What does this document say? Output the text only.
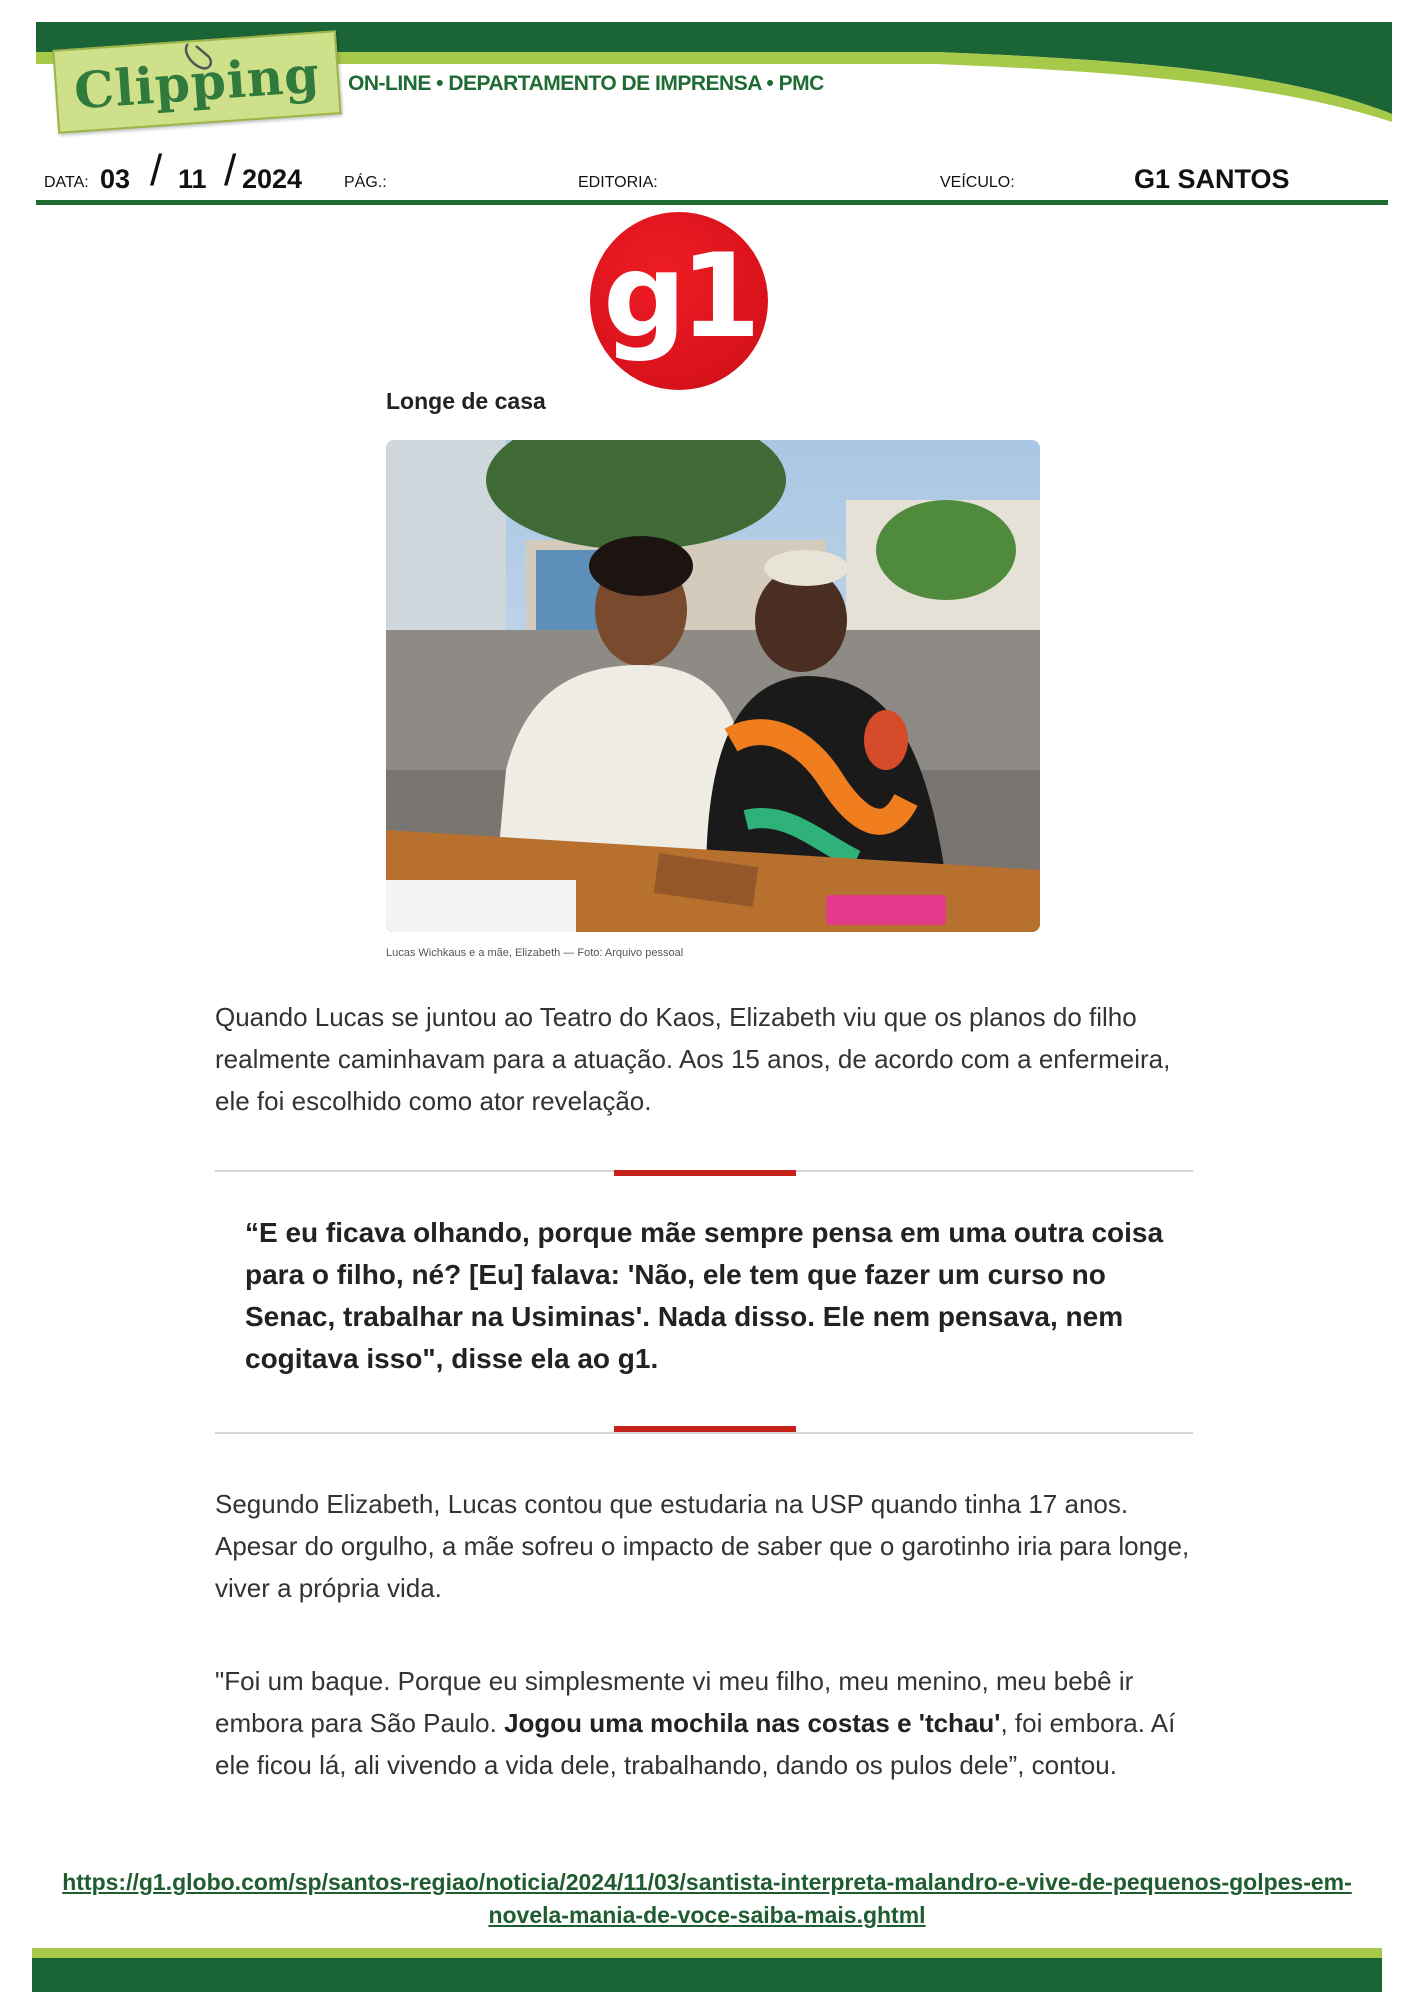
Clipping ON-LINE • DEPARTAMENTO DE IMPRENSA • PMC
DATA: 03 / 11 / 2024	PÁG.:	EDITORIA:	VEÍCULO:	G1 SANTOS
g1
Longe de casa
Lucas Wichkaus e a mãe, Elizabeth — Foto: Arquivo pessoal

Quando Lucas se juntou ao Teatro do Kaos, Elizabeth viu que os planos do filho realmente caminhavam para a atuação. Aos 15 anos, de acordo com a enfermeira, ele foi escolhido como ator revelação.

“E eu ficava olhando, porque mãe sempre pensa em uma outra coisa para o filho, né? [Eu] falava: 'Não, ele tem que fazer um curso no Senac, trabalhar na Usiminas'. Nada disso. Ele nem pensava, nem cogitava isso", disse ela ao g1.

Segundo Elizabeth, Lucas contou que estudaria na USP quando tinha 17 anos. Apesar do orgulho, a mãe sofreu o impacto de saber que o garotinho iria para longe, viver a própria vida.

"Foi um baque. Porque eu simplesmente vi meu filho, meu menino, meu bebê ir embora para São Paulo. Jogou uma mochila nas costas e 'tchau', foi embora. Aí ele ficou lá, ali vivendo a vida dele, trabalhando, dando os pulos dele”, contou.

https://g1.globo.com/sp/santos-regiao/noticia/2024/11/03/santista-interpreta-malandro-e-vive-de-pequenos-golpes-em-novela-mania-de-voce-saiba-mais.ghtml
